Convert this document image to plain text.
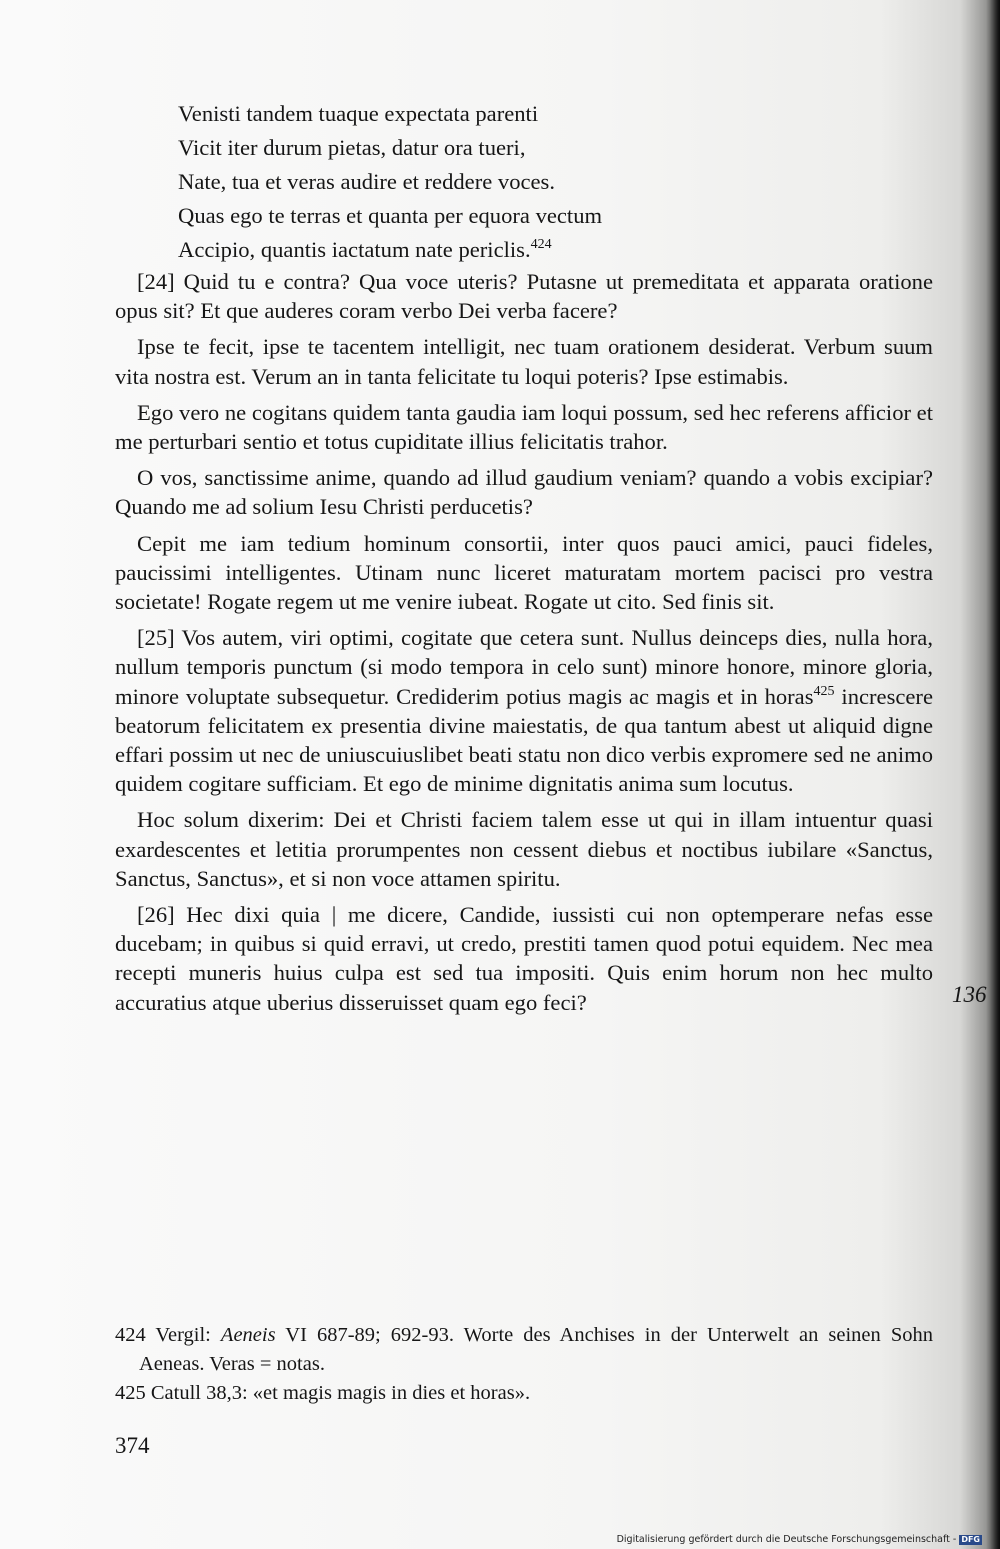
Venisti tandem tuaque expectata parenti
Vicit iter durum pietas, datur ora tueri,
Nate, tua et veras audire et reddere voces.
Quas ego te terras et quanta per equora vectum
Accipio, quantis iactatum nate periclis.$^{424}$

[24] Quid tu e contra? Qua voce uteris? Putasne ut premeditata et apparata oratione opus sit? Et que auderes coram verbo Dei verba facere?

Ipse te fecit, ipse te tacentem intelligit, nec tuam orationem desiderat. Verbum suum vita nostra est. Verum an in tanta felicitate tu loqui poteris? Ipse estimabis.

Ego vero ne cogitans quidem tanta gaudia iam loqui possum, sed hec referens afficior et me perturbari sentio et totus cupiditate illius felicitatis trahor.

O vos, sanctissime anime, quando ad illud gaudium veniam? quando a vobis excipiar? Quando me ad solium Iesu Christi perducetis?

Cepit me iam tedium hominum consortii, inter quos pauci amici, pauci fideles, paucissimi intelligentes. Utinam nunc liceret maturatam mortem pacisci pro vestra societate! Rogate regem ut me venire iubeat. Rogate ut cito. Sed finis sit.

[25] Vos autem, viri optimi, cogitate que cetera sunt. Nullus deinceps dies, nulla hora, nullum temporis punctum (si modo tempora in celo sunt) minore honore, minore gloria, minore voluptate subsequetur. Crediderim potius magis ac magis et in horas$^{425}$ increscere beatorum felicitatem ex presentia divine maiestatis, de qua tantum abest ut aliquid digne effari possim ut nec de uniuscuiuslibet beati statu non dico verbis expromere sed ne animo quidem cogitare sufficiam. Et ego de minime dignitatis anima sum locutus.

Hoc solum dixerim: Dei et Christi faciem talem esse ut qui in illam intuentur quasi exardescentes et letitia prorumpentes non cessent diebus et noctibus iubilare «Sanctus, Sanctus, Sanctus», et si non voce attamen spiritu.

[26] Hec dixi quia | me dicere, Candide, iussisti cui non optemperare nefas esse ducebam; in quibus si quid erravi, ut credo, prestiti tamen quod potui equidem. Nec mea recepti muneris huius culpa est sed tua impositi. Quis enim horum non hec multo accuratius atque uberius disseruisset quam ego feci?	136

424 Vergil: Aeneis VI 687-89; 692-93. Worte des Anchises in der Unterwelt an seinen Sohn Aeneas. Veras = notas.

425 Catull 38,3: «et magis magis in dies et horas».

374
Digitalisierung gefördert durch die Deutsche Forschungsgemeinschaft - DFG
